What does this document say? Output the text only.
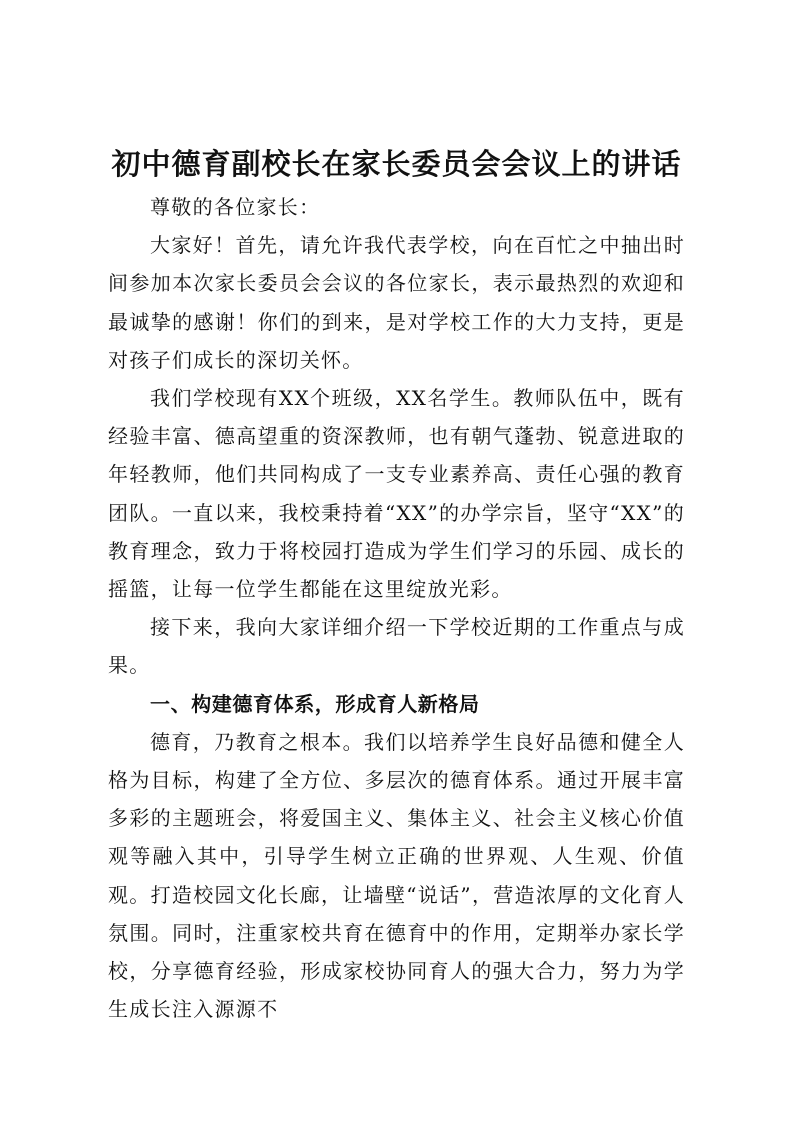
初中德育副校长在家长委员会会议上的讲话

尊敬的各位家长：

大家好！首先，请允许我代表学校，向在百忙之中抽出时间参加本次家长委员会会议的各位家长，表示最热烈的欢迎和最诚挚的感谢！你们的到来，是对学校工作的大力支持，更是对孩子们成长的深切关怀。

我们学校现有XX个班级，XX名学生。教师队伍中，既有经验丰富、德高望重的资深教师，也有朝气蓬勃、锐意进取的年轻教师，他们共同构成了一支专业素养高、责任心强的教育团队。一直以来，我校秉持着“XX”的办学宗旨，坚守“XX”的教育理念，致力于将校园打造成为学生们学习的乐园、成长的摇篮，让每一位学生都能在这里绽放光彩。

接下来，我向大家详细介绍一下学校近期的工作重点与成果。

一、构建德育体系，形成育人新格局

德育，乃教育之根本。我们以培养学生良好品德和健全人格为目标，构建了全方位、多层次的德育体系。通过开展丰富多彩的主题班会，将爱国主义、集体主义、社会主义核心价值观等融入其中，引导学生树立正确的世界观、人生观、价值观。打造校园文化长廊，让墙壁“说话”，营造浓厚的文化育人氛围。同时，注重家校共育在德育中的作用，定期举办家长学校，分享德育经验，形成家校协同育人的强大合力，努力为学生成长注入源源不
